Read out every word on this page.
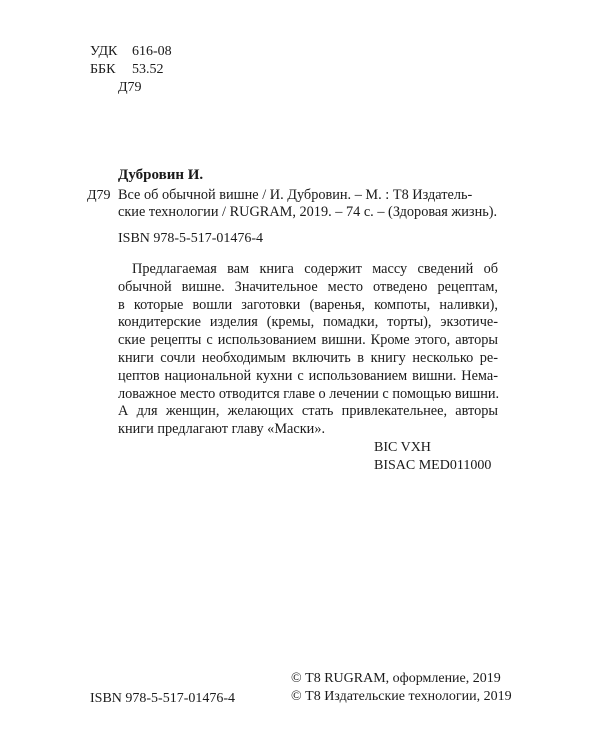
УДК 616-08
ББК 53.52
Д79
Дубровин И.
Д79 Все об обычной вишне / И. Дубровин. – М. : Т8 Издатель-
ские технологии / RUGRAM, 2019. – 74 с. – (Здоровая жизнь).
ISBN 978-5-517-01476-4
Предлагаемая вам книга содержит массу сведений об
обычной вишне. Значительное место отведено рецептам,
в которые вошли заготовки (варенья, компоты, наливки),
кондитерские изделия (кремы, помадки, торты), экзотиче-
ские рецепты с использованием вишни. Кроме этого, авторы
книги сочли необходимым включить в книгу несколько ре-
цептов национальной кухни с использованием вишни. Нема-
ловажное место отводится главе о лечении с помощью вишни.
А для женщин, желающих стать привлекательнее, авторы
книги предлагают главу «Маски».
BIC VXH
BISAC MED011000
© Т8 RUGRAM, оформление, 2019
© Т8 Издательские технологии, 2019
ISBN 978-5-517-01476-4
